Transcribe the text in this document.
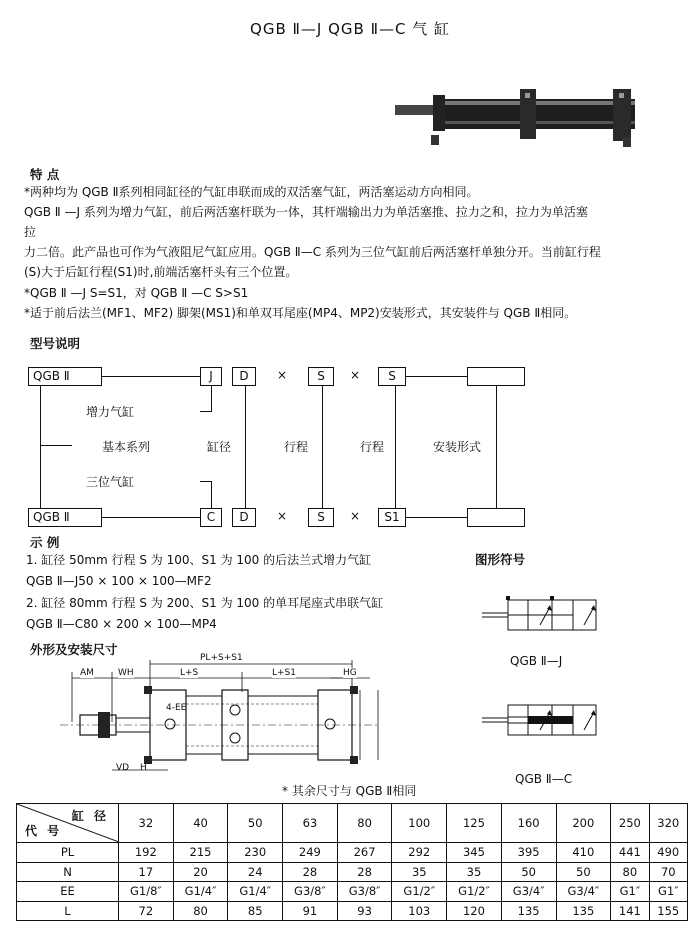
QGB Ⅱ—J QGB Ⅱ—C 气 缸
特 点
*两种均为 QGB Ⅱ系列相同缸径的气缸串联而成的双活塞气缸，两活塞运动方向相同。
QGB Ⅱ —J 系列为增力气缸，前后两活塞杆联为一体，其杆端输出力为单活塞推、拉力之和，拉力为单活塞
拉
力二倍。此产品也可作为气液阻尼气缸应用。QGB Ⅱ—C 系列为三位气缸前后两活塞杆单独分开。当前缸行程
(S)大于后缸行程(S1)时,前端活塞杆头有三个位置。
*QGB Ⅱ —J S=S1，对 QGB Ⅱ —C S>S1
*适于前后法兰(MF1、MF2) 脚架(MS1)和单双耳尾座(MP4、MP2)安装形式，其安装件与 QGB Ⅱ相同。
型号说明
QGB Ⅱ	J	D	×	S	×	S
增力气缸
基本系列	缸径	行程	行程	安装形式
三位气缸
QGB Ⅱ	C	D	×	S	×	S1
示 例
1. 缸径 50mm 行程 S 为 100、S1 为 100 的后法兰式增力气缸
QGB Ⅱ—J50 × 100 × 100—MF2
2. 缸径 80mm 行程 S 为 200、S1 为 100 的单耳尾座式串联气缸
QGB Ⅱ—C80 × 200 × 100—MP4
图形符号
QGB Ⅱ—J
QGB Ⅱ—C
外形及安装尺寸
PL+S+S1
L+S	L+S1
AM	WH	HG
4-EE
VD H
* 其余尺寸与 QGB Ⅱ相同
缸 径
代 号	32	40	50	63	80	100	125	160	200	250	320
PL	192	215	230	249	267	292	345	395	410	441	490
N	17	20	24	28	28	35	35	50	50	80	70
EE	G1/8″	G1/4″	G1/4″	G3/8″	G3/8″	G1/2″	G1/2″	G3/4″	G3/4″	G1″	G1″
L	72	80	85	91	93	103	120	135	135	141	155
